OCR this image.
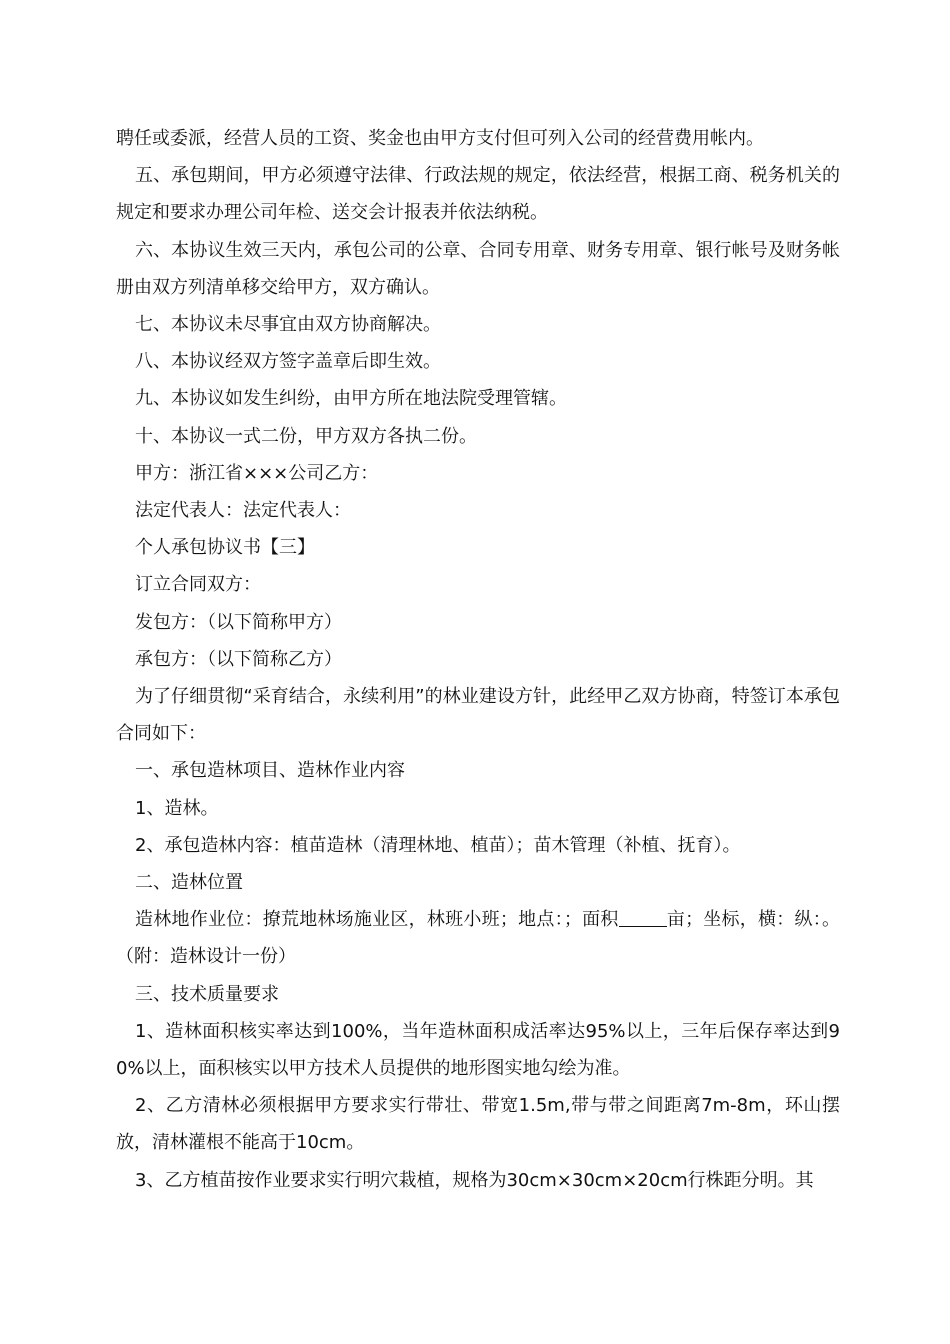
聘任或委派，经营人员的工资、奖金也由甲方支付但可列入公司的经营费用帐内。

五、承包期间，甲方必须遵守法律、行政法规的规定，依法经营，根据工商、税务机关的规定和要求办理公司年检、送交会计报表并依法纳税。

六、本协议生效三天内，承包公司的公章、合同专用章、财务专用章、银行帐号及财务帐册由双方列清单移交给甲方，双方确认。

七、本协议未尽事宜由双方协商解决。

八、本协议经双方签字盖章后即生效。

九、本协议如发生纠纷，由甲方所在地法院受理管辖。

十、本协议一式二份，甲方双方各执二份。

甲方：浙江省×××公司乙方：

法定代表人：法定代表人：

个人承包协议书【三】

订立合同双方：

发包方：（以下简称甲方）

承包方：（以下简称乙方）

为了仔细贯彻“采育结合，永续利用”的林业建设方针，此经甲乙双方协商，特签订本承包合同如下：

一、承包造林项目、造林作业内容

1、造林。

2、承包造林内容：植苗造林（清理林地、植苗）；苗木管理（补植、抚育）。

二、造林位置

造林地作业位：撩荒地林场施业区，林班小班；地点：；面积	亩；坐标，横：纵：。（附：造林设计一份）

三、技术质量要求

1、造林面积核实率达到100%，当年造林面积成活率达95%以上，三年后保存率达到90%以上，面积核实以甲方技术人员提供的地形图实地勾绘为准。

2、乙方清林必须根据甲方要求实行带壮、带宽1.5m,带与带之间距离7m-8m，环山摆放，清林灌根不能高于10cm。

3、乙方植苗按作业要求实行明穴栽植，规格为30cm×30cm×20cm行株距分明。其
